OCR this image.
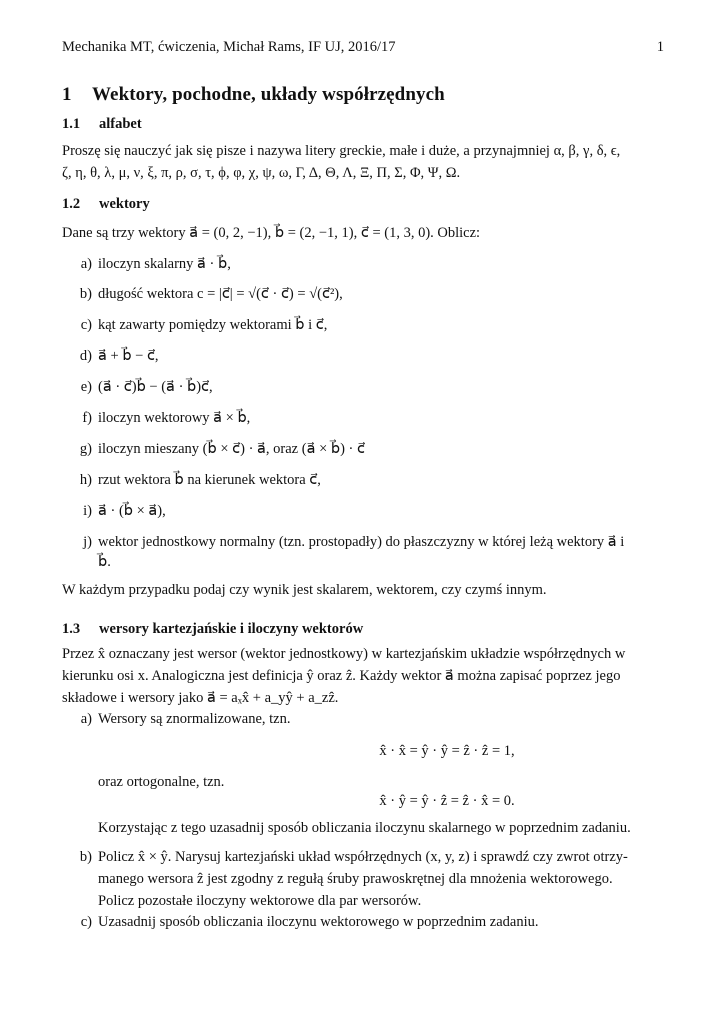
Mechanika MT, ćwiczenia, Michał Rams, IF UJ, 2016/17	1
1 Wektory, pochodne, układy współrzędnych
1.1 alfabet
Proszę się nauczyć jak się pisze i nazywa litery greckie, małe i duże, a przynajmniej α, β, γ, δ, ϵ,
ζ, η, θ, λ, μ, ν, ξ, π, ρ, σ, τ, ϕ, φ, χ, ψ, ω, Γ, Δ, Θ, Λ, Ξ, Π, Σ, Φ, Ψ, Ω.
1.2 wektory
Dane są trzy wektory a⃗ = (0, 2, −1), b⃗ = (2, −1, 1), c⃗ = (1, 3, 0). Oblicz:
a) iloczyn skalarny a⃗ · b⃗,
b) długość wektora c = |c⃗| = √(c⃗ · c⃗) = √(c⃗²),
c) kąt zawarty pomiędzy wektorami b⃗ i c⃗,
d) a⃗ + b⃗ − c⃗,
e) (a⃗ · c⃗)b⃗ − (a⃗ · b⃗)c⃗,
f) iloczyn wektorowy a⃗ × b⃗,
g) iloczyn mieszany (b⃗ × c⃗) · a⃗, oraz (a⃗ × b⃗) · c⃗
h) rzut wektora b⃗ na kierunek wektora c⃗,
i) a⃗ · (b⃗ × a⃗),
j) wektor jednostkowy normalny (tzn. prostopadły) do płaszczyzny w której leżą wektory a⃗ i
b⃗.
W każdym przypadku podaj czy wynik jest skalarem, wektorem, czy czymś innym.
1.3 wersory kartezjańskie i iloczyny wektorów
Przez x̂ oznaczany jest wersor (wektor jednostkowy) w kartezjańskim układzie współrzędnych w
kierunku osi x. Analogiczna jest definicja ŷ oraz ẑ. Każdy wektor a⃗ można zapisać poprzez jego
składowe i wersory jako a⃗ = aₓx̂ + a_yŷ + a_zẑ.
a) Wersory są znormalizowane, tzn.
x̂ · x̂ = ŷ · ŷ = ẑ · ẑ = 1,
oraz ortogonalne, tzn.
x̂ · ŷ = ŷ · ẑ = ẑ · x̂ = 0.
Korzystając z tego uzasadnij sposób obliczania iloczynu skalarnego w poprzednim zadaniu.
b) Policz x̂ × ŷ. Narysuj kartezjański układ współrzędnych (x, y, z) i sprawdź czy zwrot otrzy-
manego wersora ẑ jest zgodny z regułą śruby prawoskrętnej dla mnożenia wektorowego.
Policz pozostałe iloczyny wektorowe dla par wersorów.
c) Uzasadnij sposób obliczania iloczynu wektorowego w poprzednim zadaniu.
